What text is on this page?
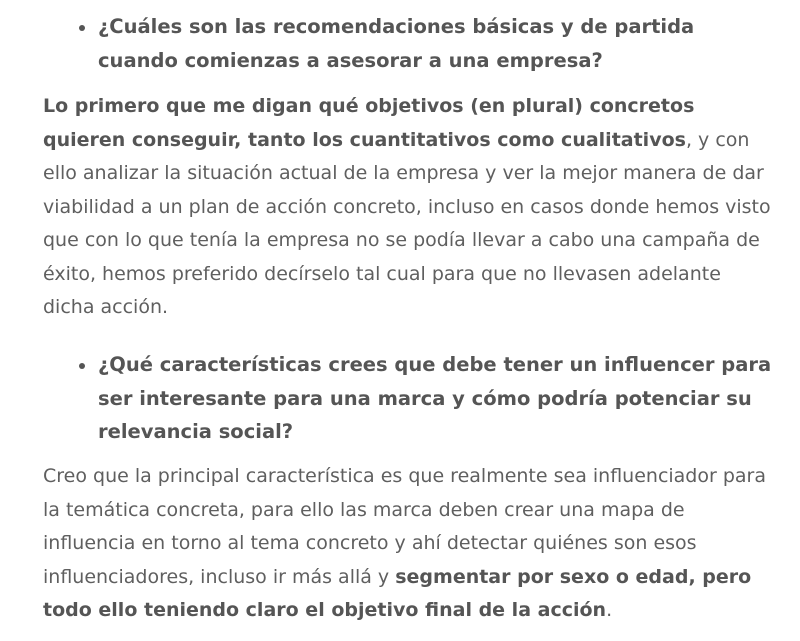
¿Cuáles son las recomendaciones básicas y de partida cuando comienzas a asesorar a una empresa?

Lo primero que me digan qué objetivos (en plural) concretos quieren conseguir, tanto los cuantitativos como cualitativos, y con ello analizar la situación actual de la empresa y ver la mejor manera de dar viabilidad a un plan de acción concreto, incluso en casos donde hemos visto que con lo que tenía la empresa no se podía llevar a cabo una campaña de éxito, hemos preferido decírselo tal cual para que no llevasen adelante dicha acción.

¿Qué características crees que debe tener un influencer para ser interesante para una marca y cómo podría potenciar su relevancia social?

Creo que la principal característica es que realmente sea influenciador para la temática concreta, para ello las marca deben crear una mapa de influencia en torno al tema concreto y ahí detectar quiénes son esos influenciadores, incluso ir más allá y segmentar por sexo o edad, pero todo ello teniendo claro el objetivo final de la acción.
